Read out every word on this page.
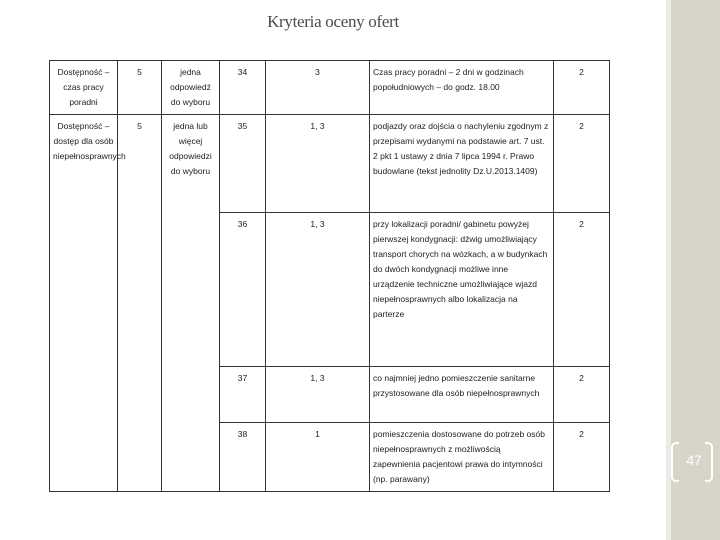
47
Kryteria oceny ofert
Dostępność – czas pracy poradni	5	jedna odpowiedź do wyboru	34	3	Czas pracy poradni – 2 dni w godzinach popołudniowych – do godz. 18.00	2
Dostępność – dostęp dla osób niepełnosprawnych	5	jedna lub więcej odpowiedzi do wyboru	35	1, 3	podjazdy oraz dojścia o nachyleniu zgodnym z przepisami wydanymi na podstawie art. 7 ust. 2 pkt 1 ustawy z dnia 7 lipca 1994 r. Prawo budowlane (tekst jednolity Dz.U.2013.1409)	2
			36	1, 3	przy lokalizacji poradni/ gabinetu powyżej pierwszej kondygnacji: dźwig umożliwiający transport chorych na wózkach, a w budynkach do dwóch kondygnacji możliwe inne urządzenie techniczne umożliwiające wjazd niepełnosprawnych albo lokalizacja na parterze	2
			37	1, 3	co najmniej jedno pomieszczenie sanitarne przystosowane dla osób niepełnosprawnych	2
			38	1	pomieszczenia dostosowane do potrzeb osób niepełnosprawnych z możliwością zapewnienia pacjentowi prawa do intymności (np. parawany)	2
